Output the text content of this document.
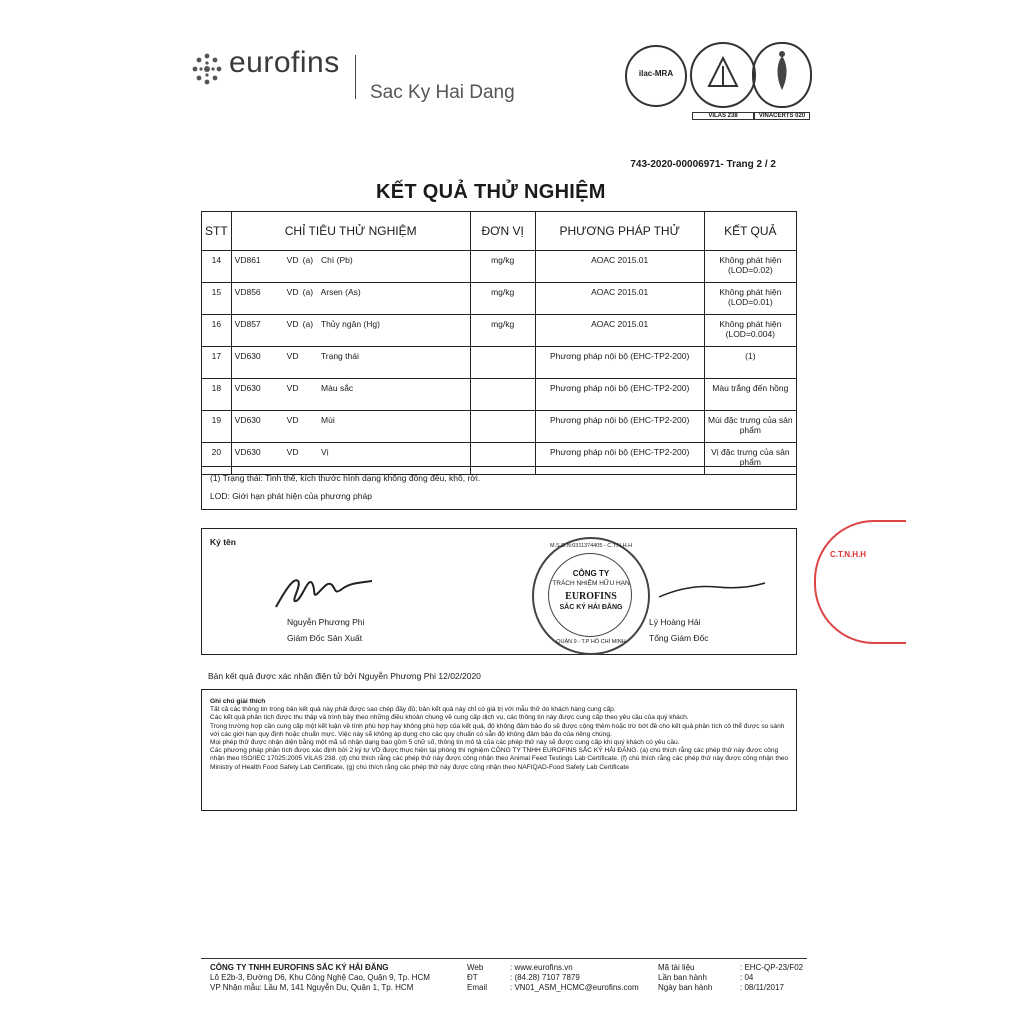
eurofins
Sac Ky Hai Dang
ilac-MRA
VILAS 238	VINACERTS 020
743-2020-00006971- Trang 2 / 2
KẾT QUẢ THỬ NGHIỆM
STT	CHỈ TIÊU THỬ NGHIỆM	ĐƠN VỊ	PHƯƠNG PHÁP THỬ	KẾT QUẢ
14	VD861 VD (a) Chì (Pb)	mg/kg	AOAC 2015.01	Không phát hiện (LOD=0.02)
15	VD856 VD (a) Arsen (As)	mg/kg	AOAC 2015.01	Không phát hiện (LOD=0.01)
16	VD857 VD (a) Thủy ngân (Hg)	mg/kg	AOAC 2015.01	Không phát hiện (LOD=0.004)
17	VD630 VD Trạng thái		Phương pháp nội bộ (EHC-TP2-200)	(1)
18	VD630 VD Màu sắc		Phương pháp nội bộ (EHC-TP2-200)	Màu trắng đến hồng
19	VD630 VD Mùi		Phương pháp nội bộ (EHC-TP2-200)	Mùi đặc trưng của sản phẩm
20	VD630 VD Vị		Phương pháp nội bộ (EHC-TP2-200)	Vị đặc trưng của sản phẩm
(1) Trạng thái: Tinh thể, kích thước hình dạng không đồng đều, khô, rời.
LOD: Giới hạn phát hiện của phương pháp
Ký tên
Nguyễn Phương Phi
Giám Đốc Sản Xuất
M.S.D.N:0311374405 - C.T.N.H.H
CÔNG TY
TRÁCH NHIỆM HỮU HẠN
EUROFINS
SẮC KÝ HẢI ĐĂNG
QUẬN 9 - T.P HỒ CHÍ MINH
Lý Hoàng Hải
Tổng Giám Đốc
Bản kết quả được xác nhận điện tử bởi Nguyễn Phương Phi 12/02/2020
Ghi chú giải thích
Tất cả các thông tin trong bản kết quả này phải được sao chép đầy đủ; bản kết quả này chỉ có giá trị với mẫu thử do khách hàng cung cấp.
Các kết quả phân tích được thu thập và trình bày theo những điều khoản chung về cung cấp dịch vụ, các thông tin này được cung cấp theo yêu cầu của quý khách.
Trong trường hợp cần cung cấp một kết luận về tính phù hợp hay không phù hợp của kết quả, độ không đảm bảo đo sẽ được cộng thêm hoặc trừ bớt đề cho kết quả phân tích cô thể được so sánh với các giới hạn quy định hoặc chuẩn mực. Việc này sẽ không áp dụng cho các quy chuẩn có sẵn độ không đảm bảo đo của riêng chúng.
Mọi phép thử được nhận diện bằng một mã số nhận dạng bao gồm 5 chữ số, thông tin mô tả của các phép thử này sẽ được cung cấp khi quý khách có yêu cầu.
Các phương pháp phân tích được xác định bởi 2 ký tự VD được thực hiện tại phòng thí nghiệm CÔNG TY TNHH EUROFINS SẮC KÝ HẢI ĐĂNG. (a) chú thích rằng các phép thử này được công nhận theo ISO/IEC 17025:2005 VILAS 238. (d) chú thích rằng các phép thử này được công nhận theo Animal Feed Testings Lab Certificate. (f) chú thích rằng các phép thử này được công nhận theo Ministry of Health Food Safety Lab Certificate, (g) chú thích rằng các phép thử này được công nhận theo NAFIQAD-Food Safety Lab Certificate
C.T.N.H.H
CÔNG TY TNHH EUROFINS SẮC KÝ HẢI ĐĂNG
Lô E2b-3, Đường D6, Khu Công Nghệ Cao, Quận 9, Tp. HCM
VP Nhận mẫu: Lầu M, 141 Nguyễn Du, Quận 1, Tp. HCM
Web	: www.eurofins.vn
ĐT	: (84.28) 7107 7879
Email	: VN01_ASM_HCMC@eurofins.com
Mã tài liệu	: EHC-QP-23/F02
Lần ban hành	: 04
Ngày ban hành	: 08/11/2017
